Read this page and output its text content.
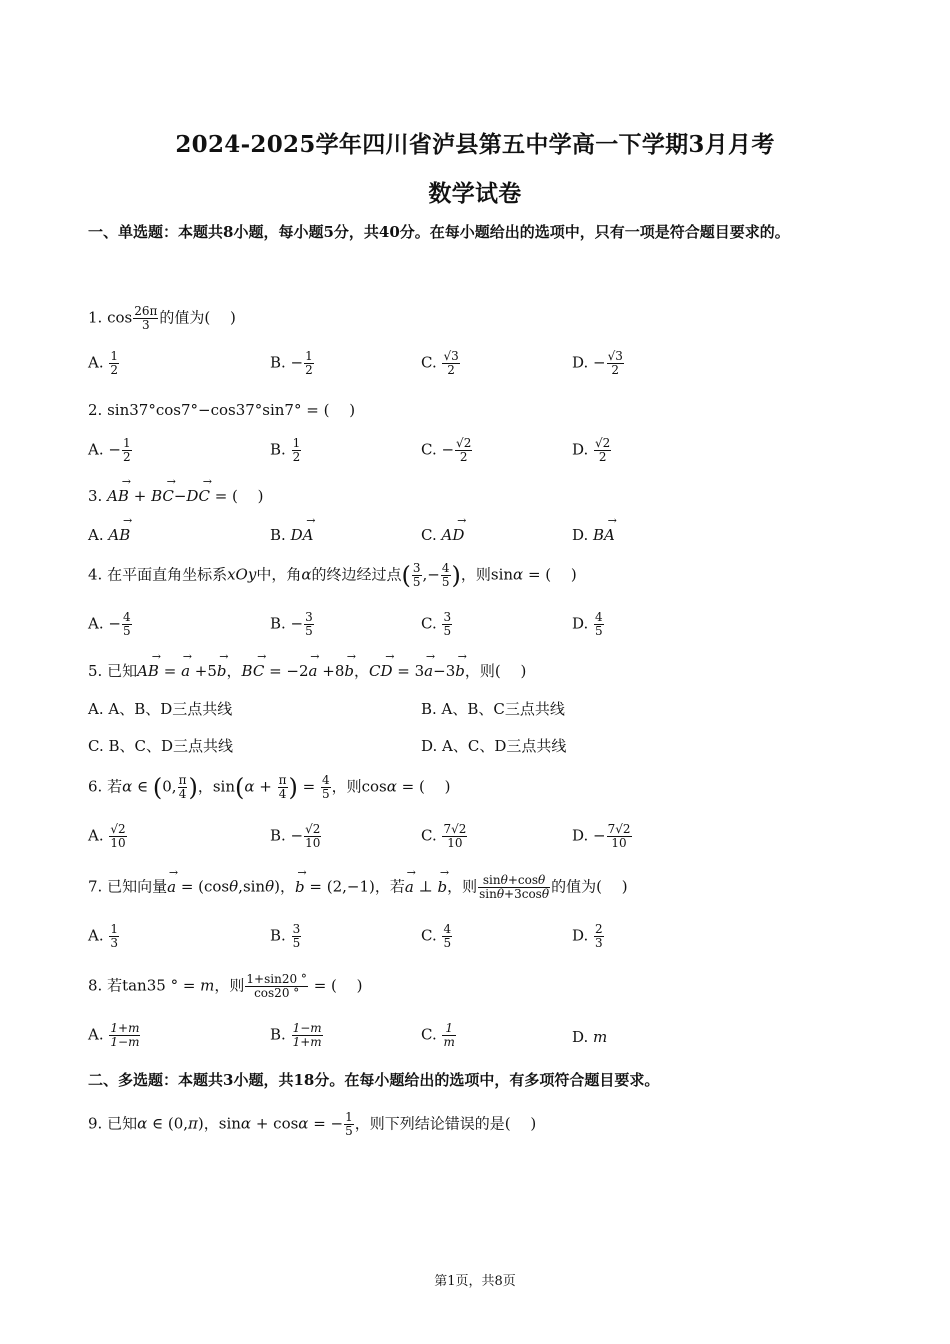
2024-2025学年四川省泸县第五中学高一下学期3月月考
数学试卷
一、单选题：本题共8小题，每小题5分，共40分。在每小题给出的选项中，只有一项是符合题目要求的。
1. $\cos \frac{26\pi}{3}$ 的值为(　 )
A. $\frac{1}{2}$	B. − $\frac{1}{2}$	C. $\frac{√3}{2}$	D. − $\frac{√3}{2}$
2. sin37°cos7°−cos37°sin7° = (　 )
A. − $\frac{1}{2}$	B. $\frac{1}{2}$	C. − $\frac{√2}{2}$	D. $\frac{√2}{2}$
3. → AB + → BC−→ DC = (　 )
A. → AB	B. → DA	C. → AD	D. → BA
4. 在平面直角坐标系xOy中，角α的终边经过点( $\frac{3}{5}$ ,− $\frac{4}{5}$ )，则sinα = (　 )
A. − $\frac{4}{5}$	B. − $\frac{3}{5}$	C. $\frac{3}{5}$	D. $\frac{4}{5}$
5. 已知→ AB = → a +5→ b，→ BC = −2→ a +8→ b，→ CD = 3→ a−3→ b，则(　 )
A. A、B、D三点共线	B. A、B、C三点共线
C. B、C、D三点共线	D. A、C、D三点共线
6. 若α ∈ (0, $\frac{\pi}{4}$ )，$\sin(\alpha + \frac{\pi}{4}$ ) = $\frac{4}{5}$ ，则cosα = (　 )
A. $\frac{√2}{10}$	B. − $\frac{√2}{10}$	C. $\frac{7√2}{10}$	D. − $\frac{7√2}{10}$
7. 已知向量→ a = (cosθ,sinθ)，→ b = (2,−1)，若→ a ⊥ → b，则 $\frac{\sin\theta+\cos\theta}{\sin\theta+3\cos\theta}$ 的值为(　 )
A. $\frac{1}{3}$	B. $\frac{3}{5}$	C. $\frac{4}{5}$	D. $\frac{2}{3}$
8. 若tan35 ° = m，则 $\frac{1+\sin 20 ^\circ}{\cos 20 ^\circ}$ = (　 )
A. $\frac{1+m}{1-m}$	B. $\frac{1-m}{1+m}$	C. $\frac{1}{m}$	D. m
二、多选题：本题共3小题，共18分。在每小题给出的选项中，有多项符合题目要求。
9. 已知α ∈ (0,π)，sinα + cosα = − $\frac{1}{5}$ ，则下列结论错误的是(　 )
第1页，共8页
